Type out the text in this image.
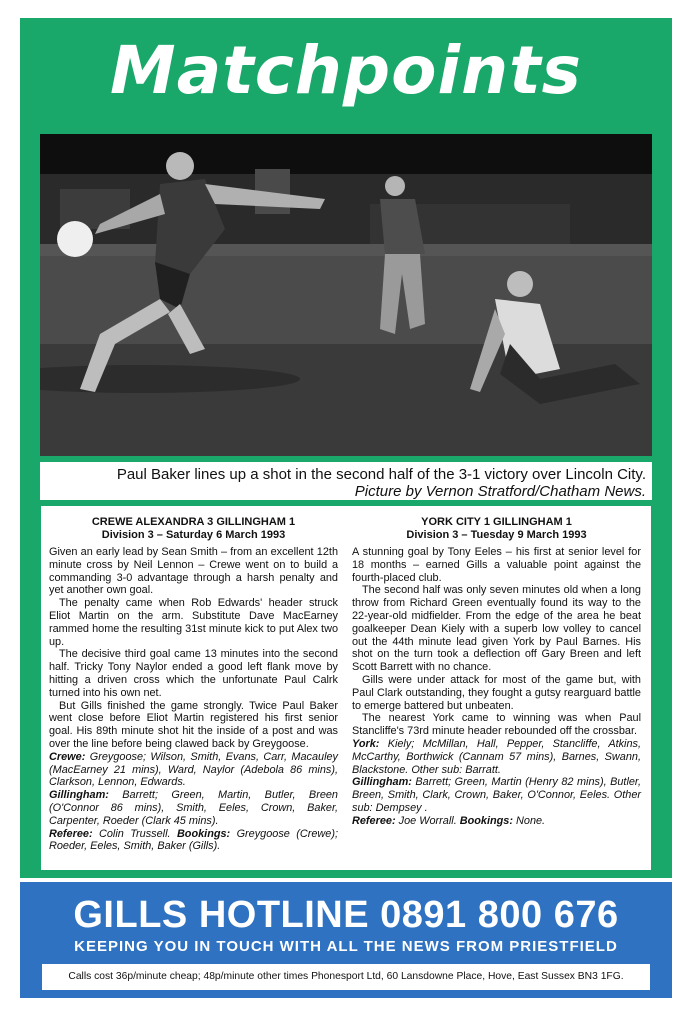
Matchpoints
Paul Baker lines up a shot in the second half of the 3-1 victory over Lincoln City.
Picture by Vernon Stratford/Chatham News.
CREWE ALEXANDRA 3 GILLINGHAM 1
Division 3 – Saturday 6 March 1993

Given an early lead by Sean Smith – from an excellent 12th minute cross by Neil Lennon – Crewe went on to build a commanding 3-0 advantage through a harsh penalty and yet another own goal.

The penalty came when Rob Edwards' header struck Eliot Martin on the arm. Substitute Dave MacEarney rammed home the resulting 31st minute kick to put Alex two up.

The decisive third goal came 13 minutes into the second half. Tricky Tony Naylor ended a good left flank move by hitting a driven cross which the unfortunate Paul Calrk turned into his own net.

But Gills finished the game strongly. Twice Paul Baker went close before Eliot Martin registered his first senior goal. His 89th minute shot hit the inside of a post and was over the line before being clawed back by Greygoose.

Crewe: Greygoose; Wilson, Smith, Evans, Carr, Macauley (MacEarney 21 mins), Ward, Naylor (Adebola 86 mins), Clarkson, Lennon, Edwards.

Gillingham: Barrett; Green, Martin, Butler, Breen (O'Connor 86 mins), Smith, Eeles, Crown, Baker, Carpenter, Roeder (Clark 45 mins).

Referee: Colin Trussell. Bookings: Greygoose (Crewe); Roeder, Eeles, Smith, Baker (Gills).

YORK CITY 1 GILLINGHAM 1
Division 3 – Tuesday 9 March 1993

A stunning goal by Tony Eeles – his first at senior level for 18 months – earned Gills a valuable point against the fourth-placed club.

The second half was only seven minutes old when a long throw from Richard Green eventually found its way to the 22-year-old midfielder. From the edge of the area he beat goalkeeper Dean Kiely with a superb low volley to cancel out the 44th minute lead given York by Paul Barnes. His shot on the turn took a deflection off Gary Breen and left Scott Barrett with no chance.

Gills were under attack for most of the game but, with Paul Clark outstanding, they fought a gutsy rearguard battle to emerge battered but unbeaten.

The nearest York came to winning was when Paul Stancliffe's 73rd minute header rebounded off the crossbar.

York: Kiely; McMillan, Hall, Pepper, Stancliffe, Atkins, McCarthy, Borthwick (Cannam 57 mins), Barnes, Swann, Blackstone. Other sub: Barratt.

Gillingham: Barrett; Green, Martin (Henry 82 mins), Butler, Breen, Smith, Clark, Crown, Baker, O'Connor, Eeles. Other sub: Dempsey .

Referee: Joe Worrall. Bookings: None.

GILLS HOTLINE 0891 800 676
KEEPING YOU IN TOUCH WITH ALL THE NEWS FROM PRIESTFIELD
Calls cost 36p/minute cheap; 48p/minute other times Phonesport Ltd, 60 Lansdowne Place, Hove, East Sussex BN3 1FG.
